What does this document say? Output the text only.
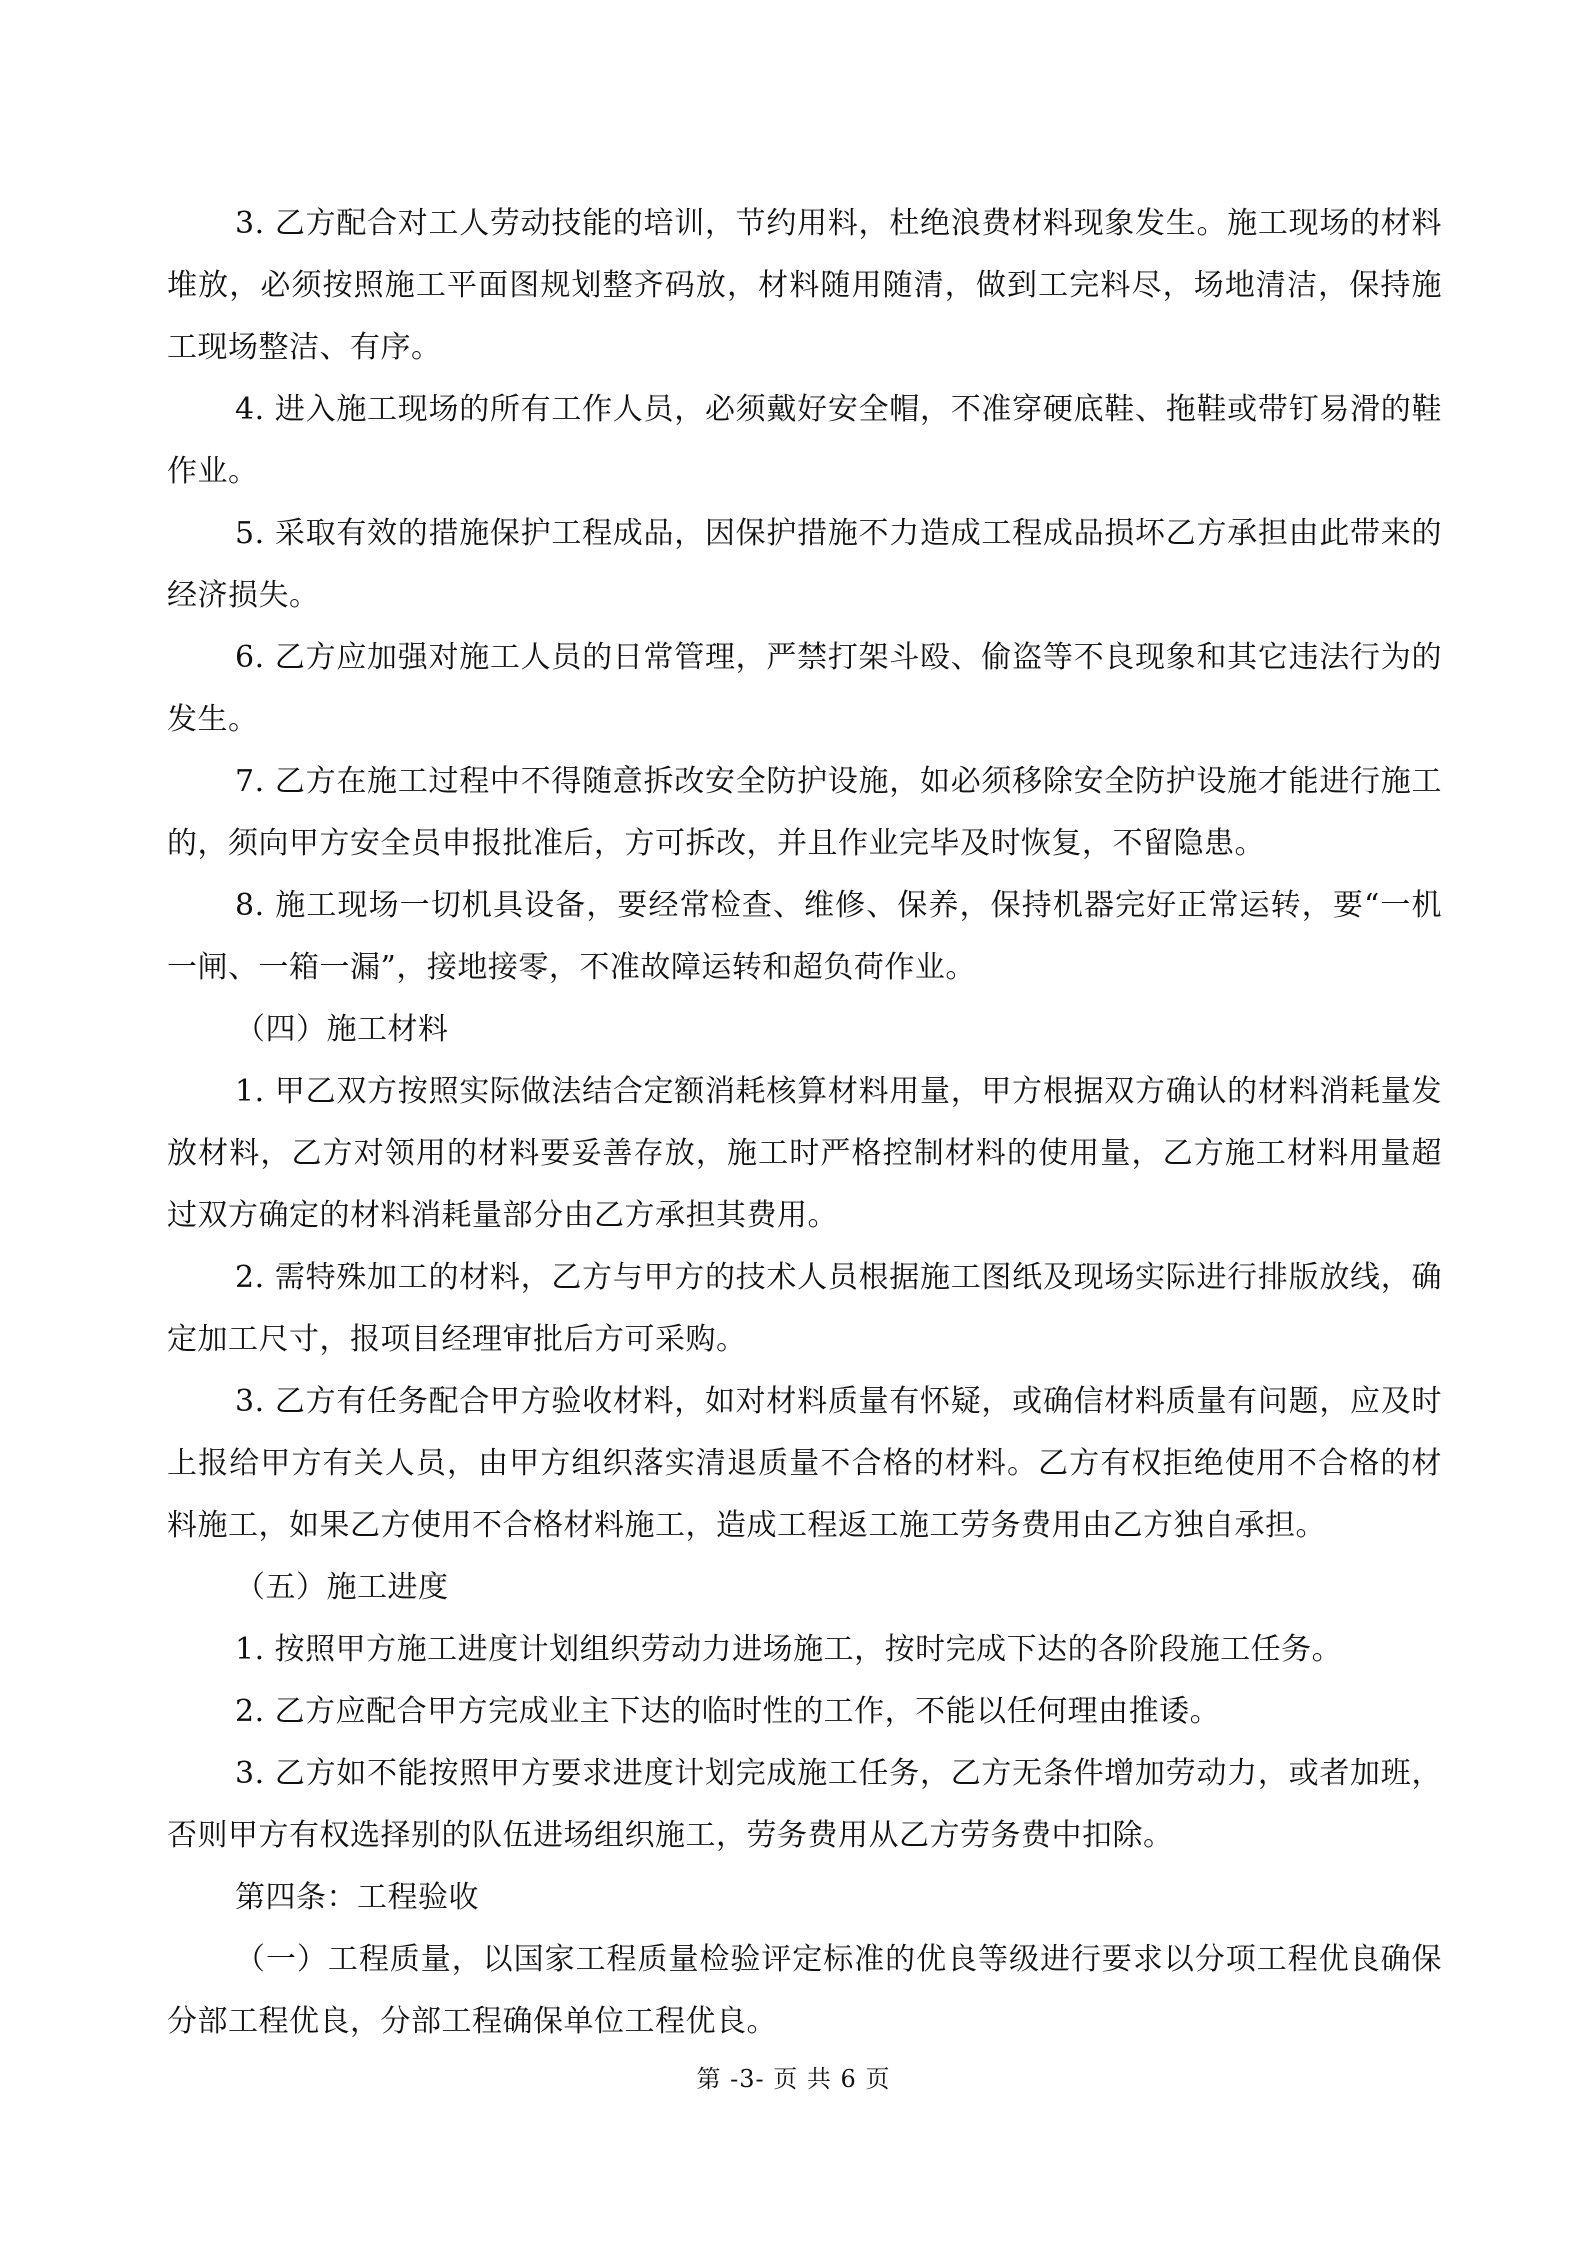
3. 乙方配合对工人劳动技能的培训，节约用料，杜绝浪费材料现象发生。施工现场的材料堆放，必须按照施工平面图规划整齐码放，材料随用随清，做到工完料尽，场地清洁，保持施工现场整洁、有序。

4. 进入施工现场的所有工作人员，必须戴好安全帽，不准穿硬底鞋、拖鞋或带钉易滑的鞋作业。

5. 采取有效的措施保护工程成品，因保护措施不力造成工程成品损坏乙方承担由此带来的经济损失。

6. 乙方应加强对施工人员的日常管理，严禁打架斗殴、偷盗等不良现象和其它违法行为的发生。

7. 乙方在施工过程中不得随意拆改安全防护设施，如必须移除安全防护设施才能进行施工的，须向甲方安全员申报批准后，方可拆改，并且作业完毕及时恢复，不留隐患。

8. 施工现场一切机具设备，要经常检查、维修、保养，保持机器完好正常运转，要“一机一闸、一箱一漏”，接地接零，不准故障运转和超负荷作业。

（四）施工材料

1. 甲乙双方按照实际做法结合定额消耗核算材料用量，甲方根据双方确认的材料消耗量发放材料，乙方对领用的材料要妥善存放，施工时严格控制材料的使用量，乙方施工材料用量超过双方确定的材料消耗量部分由乙方承担其费用。

2. 需特殊加工的材料，乙方与甲方的技术人员根据施工图纸及现场实际进行排版放线，确定加工尺寸，报项目经理审批后方可采购。

3. 乙方有任务配合甲方验收材料，如对材料质量有怀疑，或确信材料质量有问题，应及时上报给甲方有关人员，由甲方组织落实清退质量不合格的材料。乙方有权拒绝使用不合格的材料施工，如果乙方使用不合格材料施工，造成工程返工施工劳务费用由乙方独自承担。

（五）施工进度

1. 按照甲方施工进度计划组织劳动力进场施工，按时完成下达的各阶段施工任务。

2. 乙方应配合甲方完成业主下达的临时性的工作，不能以任何理由推诿。

3. 乙方如不能按照甲方要求进度计划完成施工任务，乙方无条件增加劳动力，或者加班，否则甲方有权选择别的队伍进场组织施工，劳务费用从乙方劳务费中扣除。

第四条：工程验收

（一）工程质量，以国家工程质量检验评定标准的优良等级进行要求以分项工程优良确保分部工程优良，分部工程确保单位工程优良。

第 -3- 页 共 6 页
